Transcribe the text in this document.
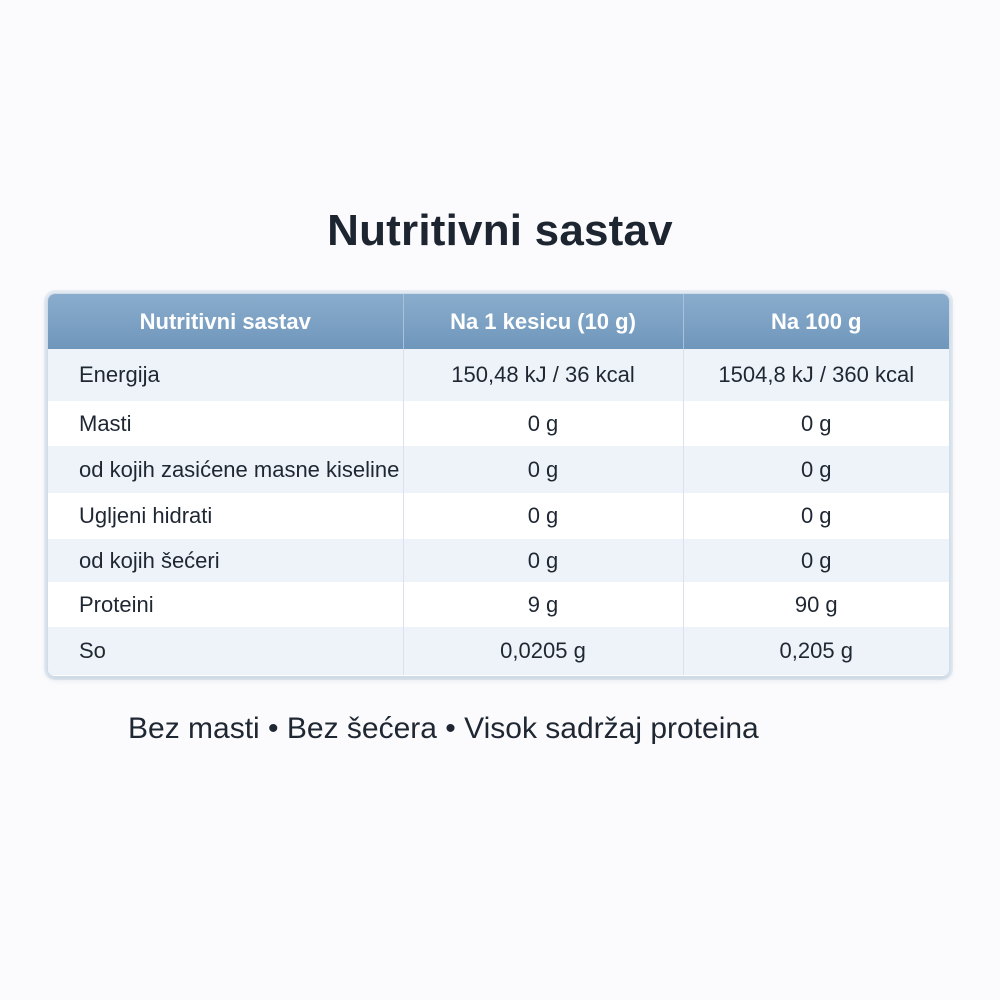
Nutritivni sastav
Nutritivni sastav	Na 1 kesicu (10 g)	Na 100 g
Energija	150,48 kJ / 36 kcal	1504,8 kJ / 360 kcal
Masti	0 g	0 g
od kojih zasićene masne kiseline	0 g	0 g
Ugljeni hidrati	0 g	0 g
od kojih šećeri	0 g	0 g
Proteini	9 g	90 g
So	0,0205 g	0,205 g
Bez masti • Bez šećera • Visok sadržaj proteina
